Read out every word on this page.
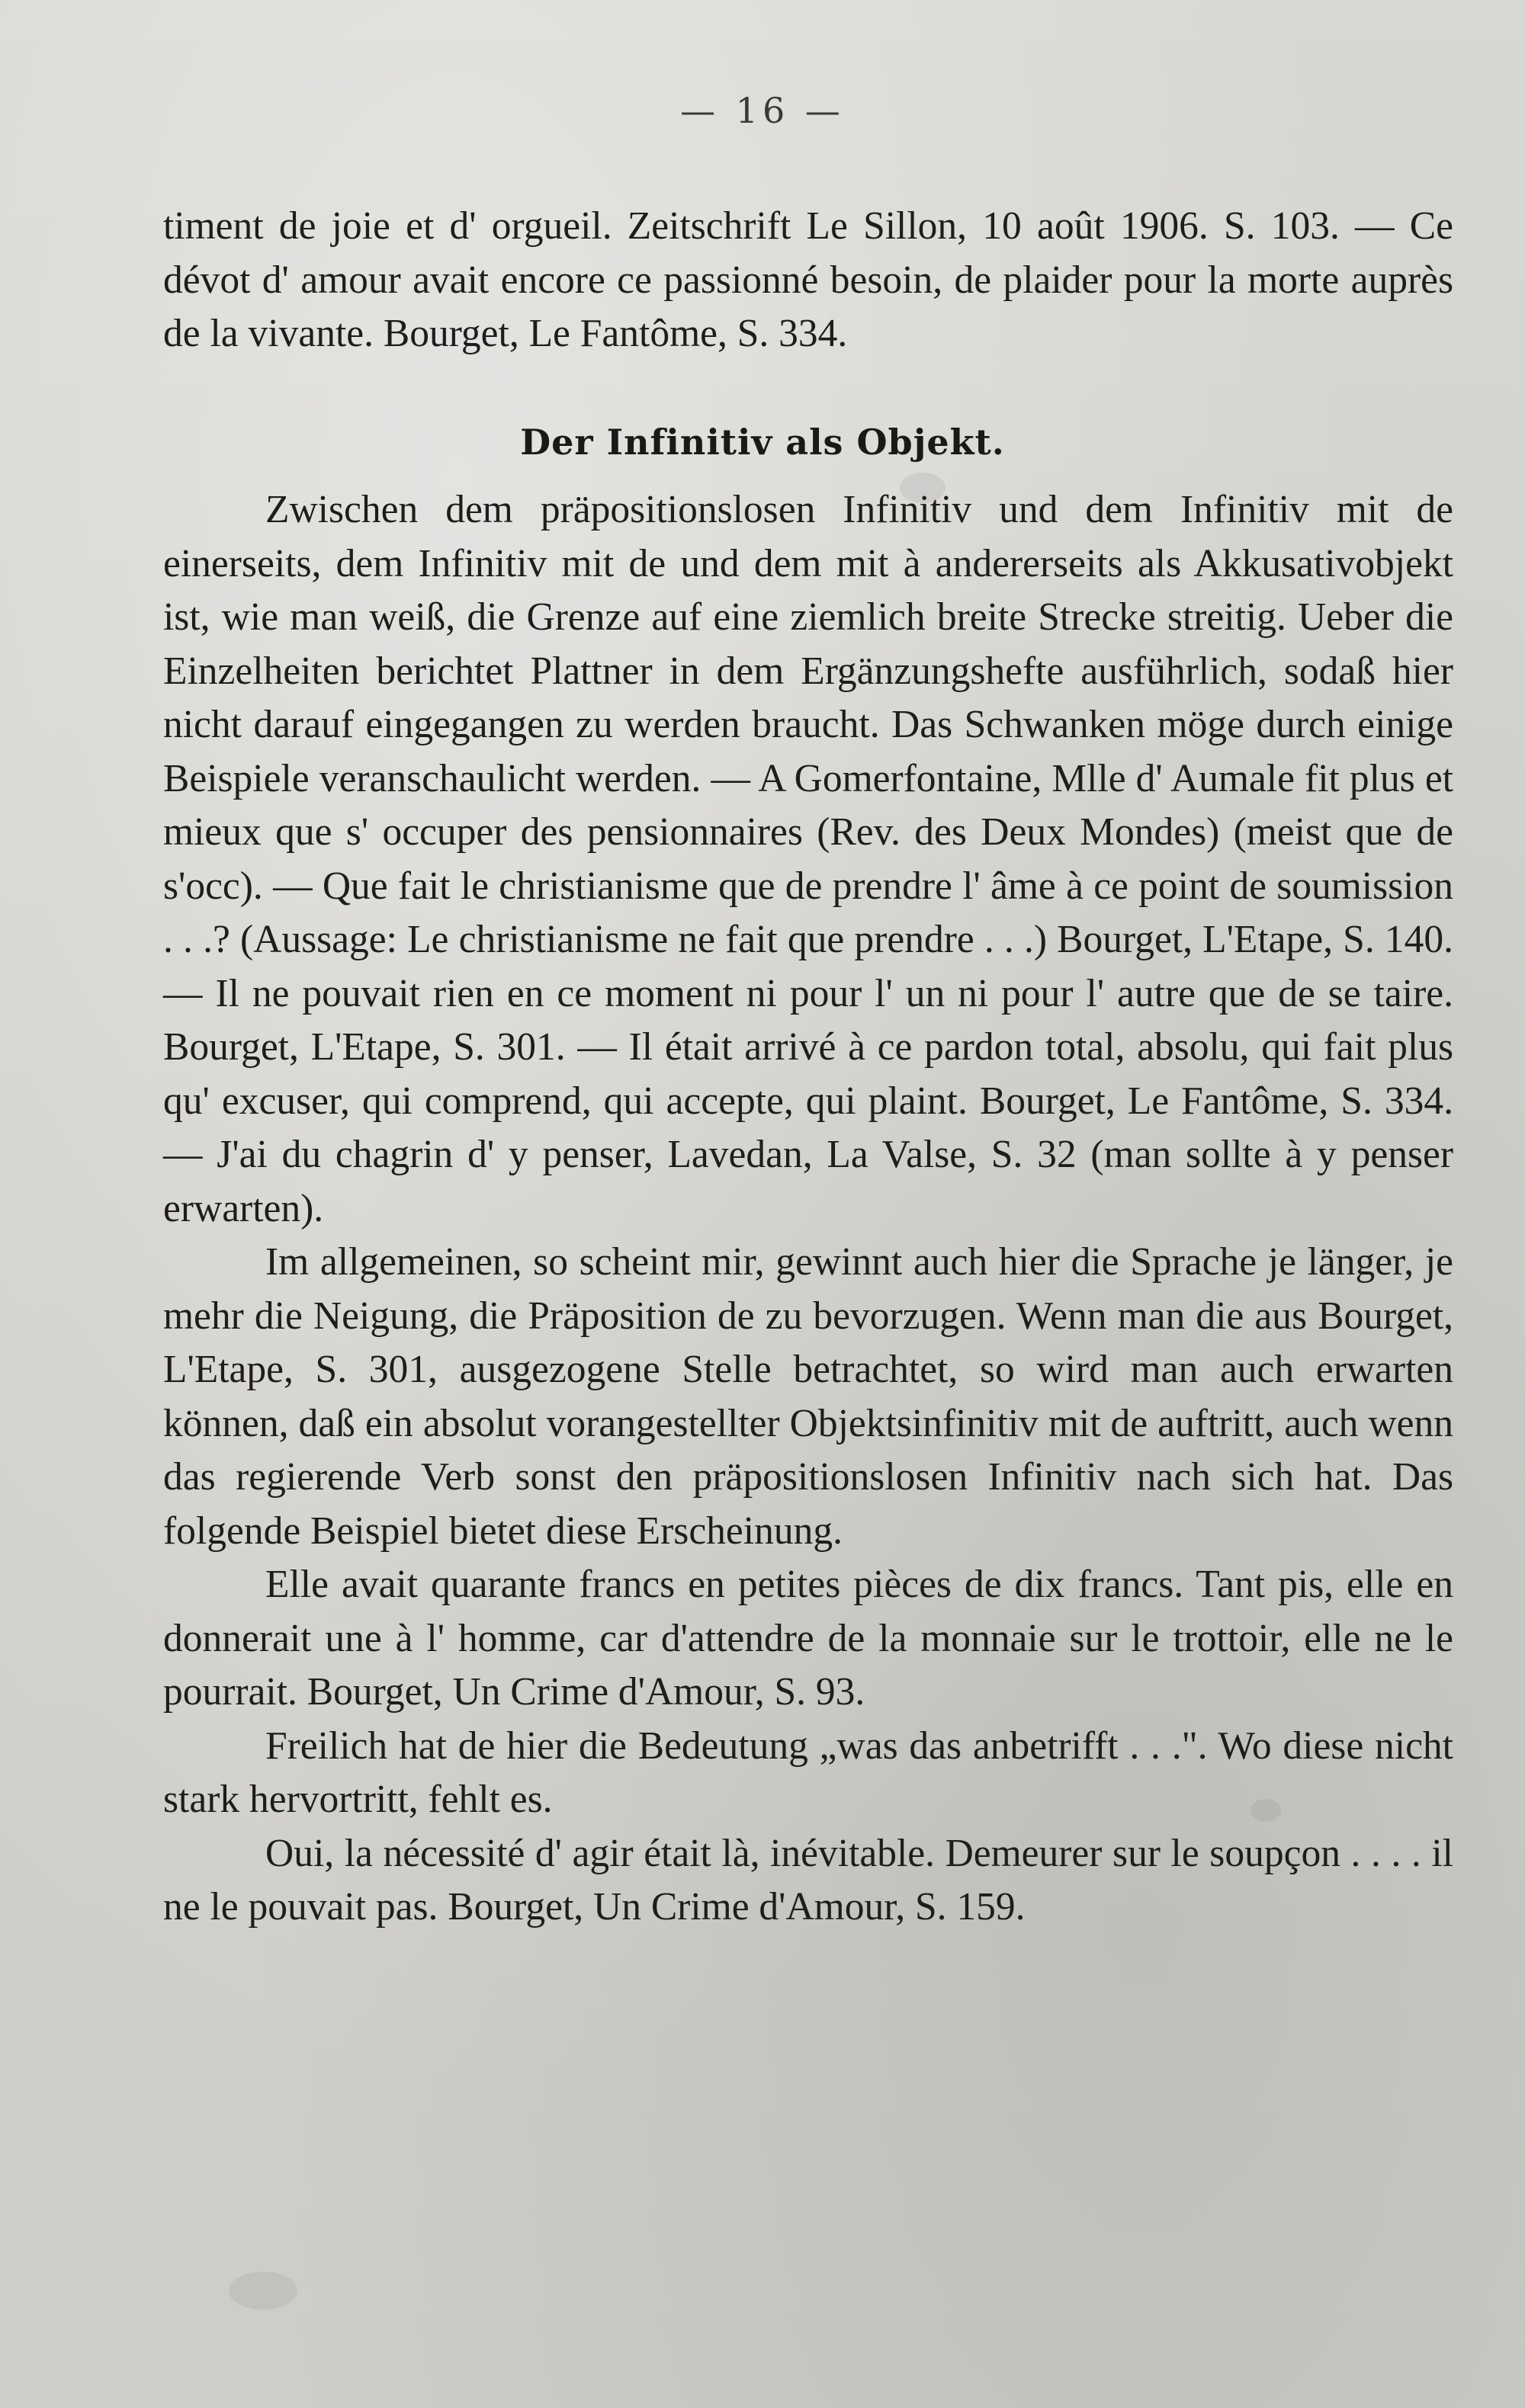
— 16 —

timent de joie et d' orgueil. Zeitschrift Le Sillon, 10 août 1906. S. 103. — Ce dévot d' amour avait encore ce passionné besoin, de plaider pour la morte auprès de la vivante. Bourget, Le Fantôme, S. 334.

Der Infinitiv als Objekt.

Zwischen dem präpositionslosen Infinitiv und dem Infinitiv mit de einerseits, dem Infinitiv mit de und dem mit à andererseits als Akkusativobjekt ist, wie man weiß, die Grenze auf eine ziemlich breite Strecke streitig. Ueber die Einzelheiten berichtet Plattner in dem Ergänzungshefte ausführlich, sodaß hier nicht darauf eingegangen zu werden braucht. Das Schwanken möge durch einige Beispiele veranschaulicht werden. — A Gomerfontaine, Mlle d' Aumale fit plus et mieux que s' occuper des pensionnaires (Rev. des Deux Mondes) (meist que de s'occ). — Que fait le christianisme que de prendre l' âme à ce point de soumission . . .? (Aussage: Le christianisme ne fait que prendre . . .) Bourget, L'Etape, S. 140. — Il ne pouvait rien en ce moment ni pour l' un ni pour l' autre que de se taire. Bourget, L'Etape, S. 301. — Il était arrivé à ce pardon total, absolu, qui fait plus qu' excuser, qui comprend, qui accepte, qui plaint. Bourget, Le Fantôme, S. 334. — J'ai du chagrin d' y penser, Lavedan, La Valse, S. 32 (man sollte à y penser erwarten).

Im allgemeinen, so scheint mir, gewinnt auch hier die Sprache je länger, je mehr die Neigung, die Präposition de zu bevorzugen. Wenn man die aus Bourget, L'Etape, S. 301, ausgezogene Stelle betrachtet, so wird man auch erwarten können, daß ein absolut vorangestellter Objektsinfinitiv mit de auftritt, auch wenn das regierende Verb sonst den präpositionslosen Infinitiv nach sich hat. Das folgende Beispiel bietet diese Erscheinung.

Elle avait quarante francs en petites pièces de dix francs. Tant pis, elle en donnerait une à l' homme, car d'attendre de la monnaie sur le trottoir, elle ne le pourrait. Bourget, Un Crime d'Amour, S. 93.

Freilich hat de hier die Bedeutung „was das anbetrifft . . .". Wo diese nicht stark hervortritt, fehlt es.

Oui, la nécessité d' agir était là, inévitable. Demeurer sur le soupçon . . . . il ne le pouvait pas. Bourget, Un Crime d'Amour, S. 159.
